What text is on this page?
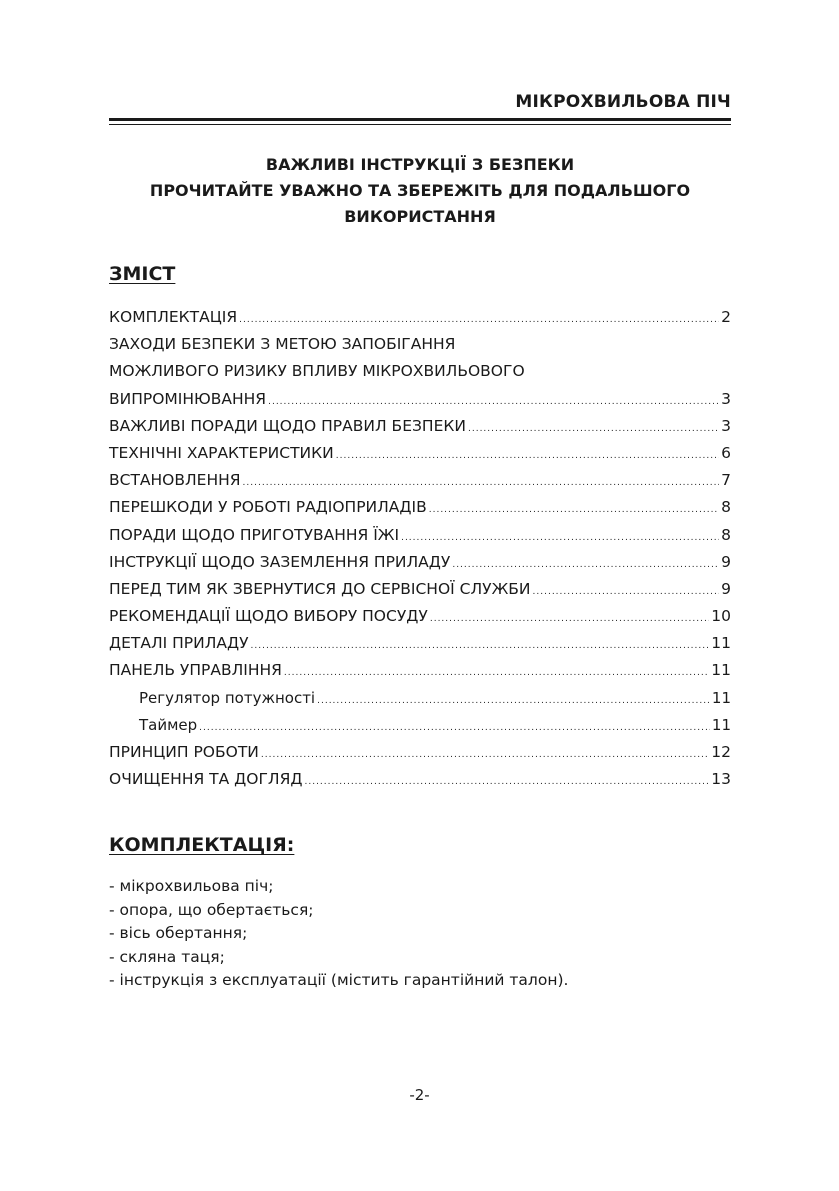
МІКРОХВИЛЬОВА ПІЧ
ВАЖЛИВІ ІНСТРУКЦІЇ З БЕЗПЕКИ
ПРОЧИТАЙТЕ УВАЖНО ТА ЗБЕРЕЖІТЬ ДЛЯ ПОДАЛЬШОГО
ВИКОРИСТАННЯ
ЗМІСТ
КОМПЛЕКТАЦІЯ .....	2
ЗАХОДИ БЕЗПЕКИ З МЕТОЮ ЗАПОБІГАННЯ
МОЖЛИВОГО РИЗИКУ ВПЛИВУ МІКРОХВИЛЬОВОГО
ВИПРОМІНЮВАННЯ .....	3
ВАЖЛИВІ ПОРАДИ ЩОДО ПРАВИЛ БЕЗПЕКИ .....	3
ТЕХНІЧНІ ХАРАКТЕРИСТИКИ .....	6
ВСТАНОВЛЕННЯ .....	7
ПЕРЕШКОДИ У РОБОТІ РАДІОПРИЛАДІВ .....	8
ПОРАДИ ЩОДО ПРИГОТУВАННЯ ЇЖІ .....	8
ІНСТРУКЦІЇ ЩОДО ЗАЗЕМЛЕННЯ ПРИЛАДУ .....	9
ПЕРЕД ТИМ ЯК ЗВЕРНУТИСЯ ДО СЕРВІСНОЇ СЛУЖБИ .....	9
РЕКОМЕНДАЦІЇ ЩОДО ВИБОРУ ПОСУДУ .....	10
ДЕТАЛІ ПРИЛАДУ .....	11
ПАНЕЛЬ УПРАВЛІННЯ .....	11
Регулятор потужності .....	11
Таймер .....	11
ПРИНЦИП РОБОТИ .....	12
ОЧИЩЕННЯ ТА ДОГЛЯД .....	13
КОМПЛЕКТАЦІЯ:
- мікрохвильова піч;
- опора, що обертається;
- вісь обертання;
- скляна таця;
- інструкція з експлуатації (містить гарантійний талон).
-2-
